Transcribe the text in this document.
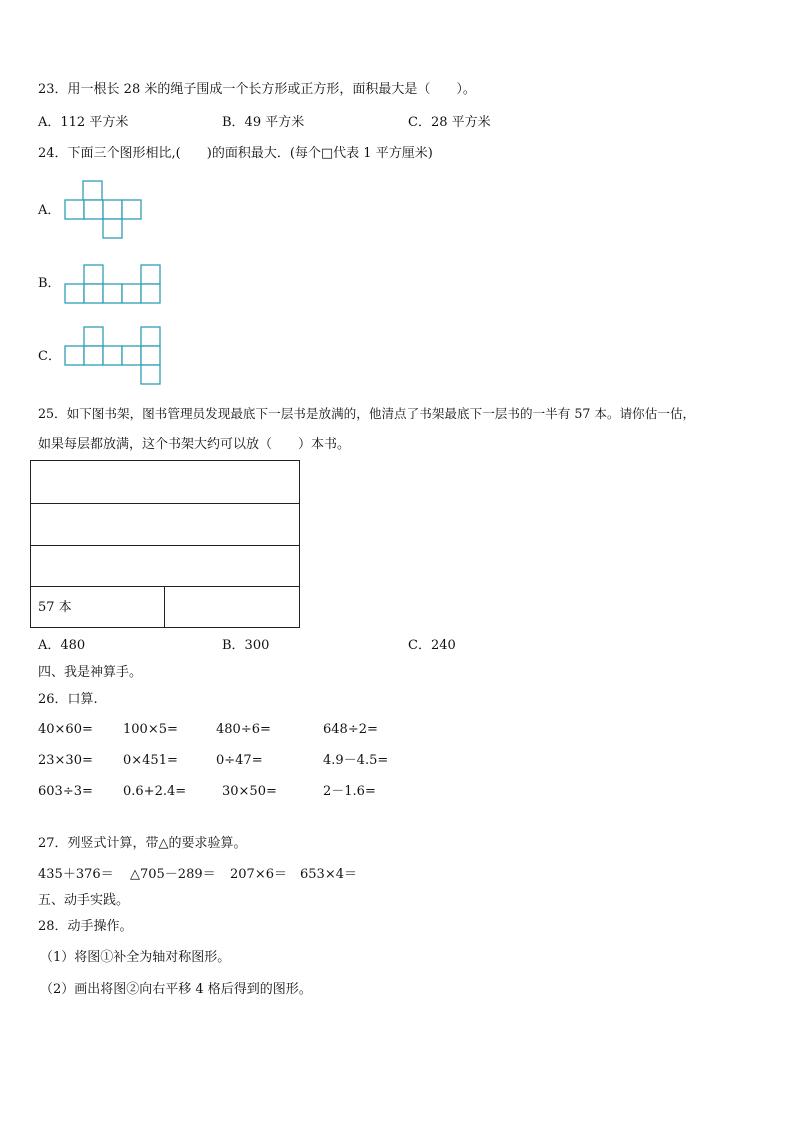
23．用一根长 28 米的绳子围成一个长方形或正方形，面积最大是（　　）。
A．112 平方米	B．49 平方米	C．28 平方米
24．下面三个图形相比,(　　)的面积最大．(每个□代表 1 平方厘米)
A．
B．
C．
25．如下图书架，图书管理员发现最底下一层书是放满的，他清点了书架最底下一层书的一半有 57 本。请你估一估，
如果每层都放满，这个书架大约可以放（　　）本书。
57 本
A．480	B．300	C．240
四、我是神算手。
26．口算.
40×60= 100×5=	480÷6=	648÷2=
23×30= 0×451=	0÷47=	4.9－4.5=
603÷3= 0.6+2.4=	30×50=	2－1.6=
27．列竖式计算，带△的要求验算。
435＋376＝ △705－289＝ 207×6＝ 653×4＝
五、动手实践。
28．动手操作。
（1）将图①补全为轴对称图形。
（2）画出将图②向右平移 4 格后得到的图形。
